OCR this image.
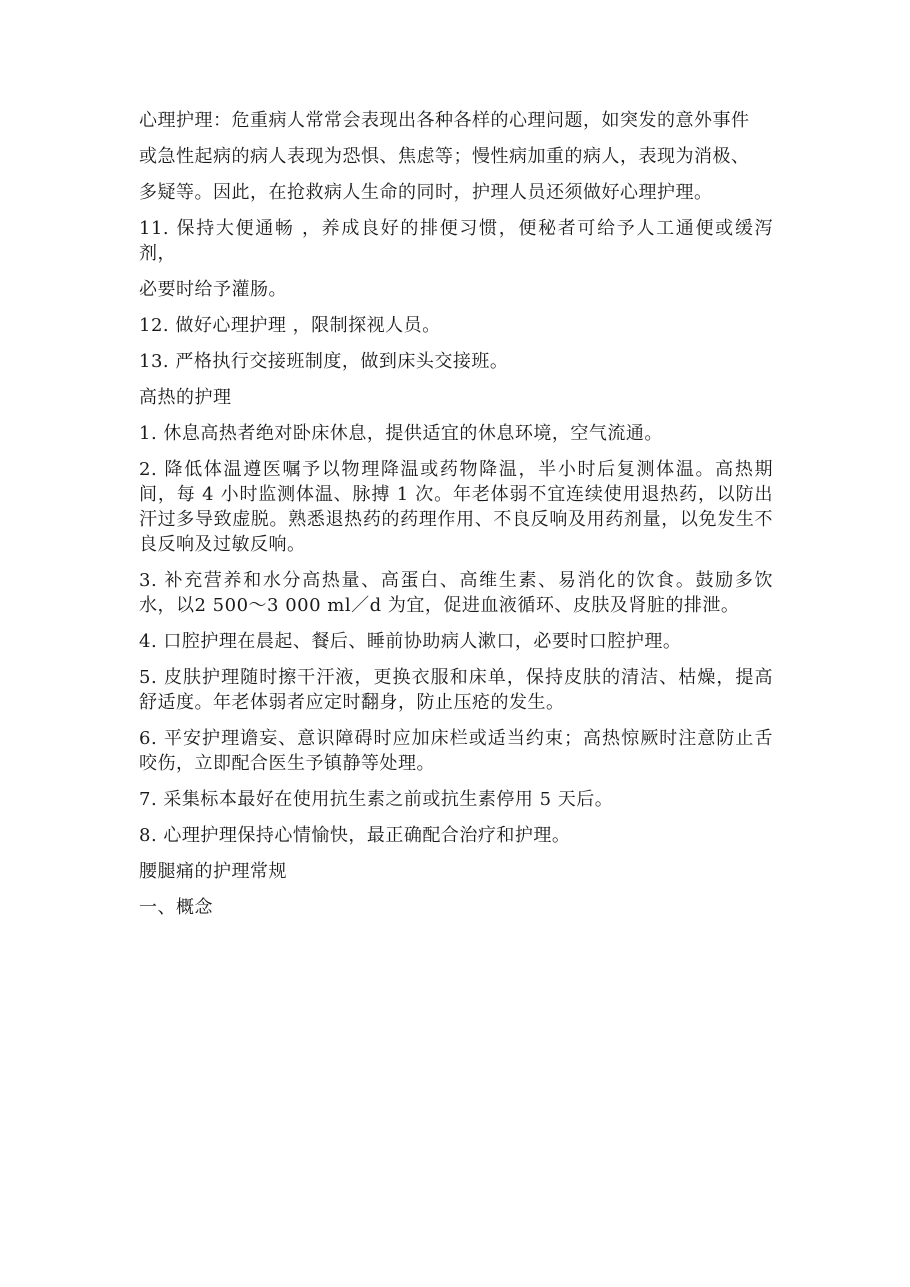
心理护理：危重病人常常会表现出各种各样的心理问题，如突发的意外事件

或急性起病的病人表现为恐惧、焦虑等；慢性病加重的病人，表现为消极、

多疑等。因此，在抢救病人生命的同时，护理人员还须做好心理护理。

11. 保持大便通畅 ，养成良好的排便习惯，便秘者可给予人工通便或缓泻剂，

必要时给予灌肠。

12. 做好心理护理 ，限制探视人员。

13. 严格执行交接班制度，做到床头交接班。

高热的护理

1. 休息高热者绝对卧床休息，提供适宜的休息环境，空气流通。

2. 降低体温遵医嘱予以物理降温或药物降温，半小时后复测体温。高热期间，每 4 小时监测体温、脉搏 1 次。年老体弱不宜连续使用退热药，以防出汗过多导致虚脱。熟悉退热药的药理作用、不良反响及用药剂量，以免发生不良反响及过敏反响。

3. 补充营养和水分高热量、高蛋白、高维生素、易消化的饮食。鼓励多饮水，以2 500～3 000 ml／d 为宜，促进血液循环、皮肤及肾脏的排泄。

4. 口腔护理在晨起、餐后、睡前协助病人漱口，必要时口腔护理。

5. 皮肤护理随时擦干汗液，更换衣服和床单，保持皮肤的清洁、枯燥，提高舒适度。年老体弱者应定时翻身，防止压疮的发生。

6. 平安护理谵妄、意识障碍时应加床栏或适当约束；高热惊厥时注意防止舌咬伤，立即配合医生予镇静等处理。

7. 采集标本最好在使用抗生素之前或抗生素停用 5 天后。

8. 心理护理保持心情愉快，最正确配合治疗和护理。

腰腿痛的护理常规

一、概念
